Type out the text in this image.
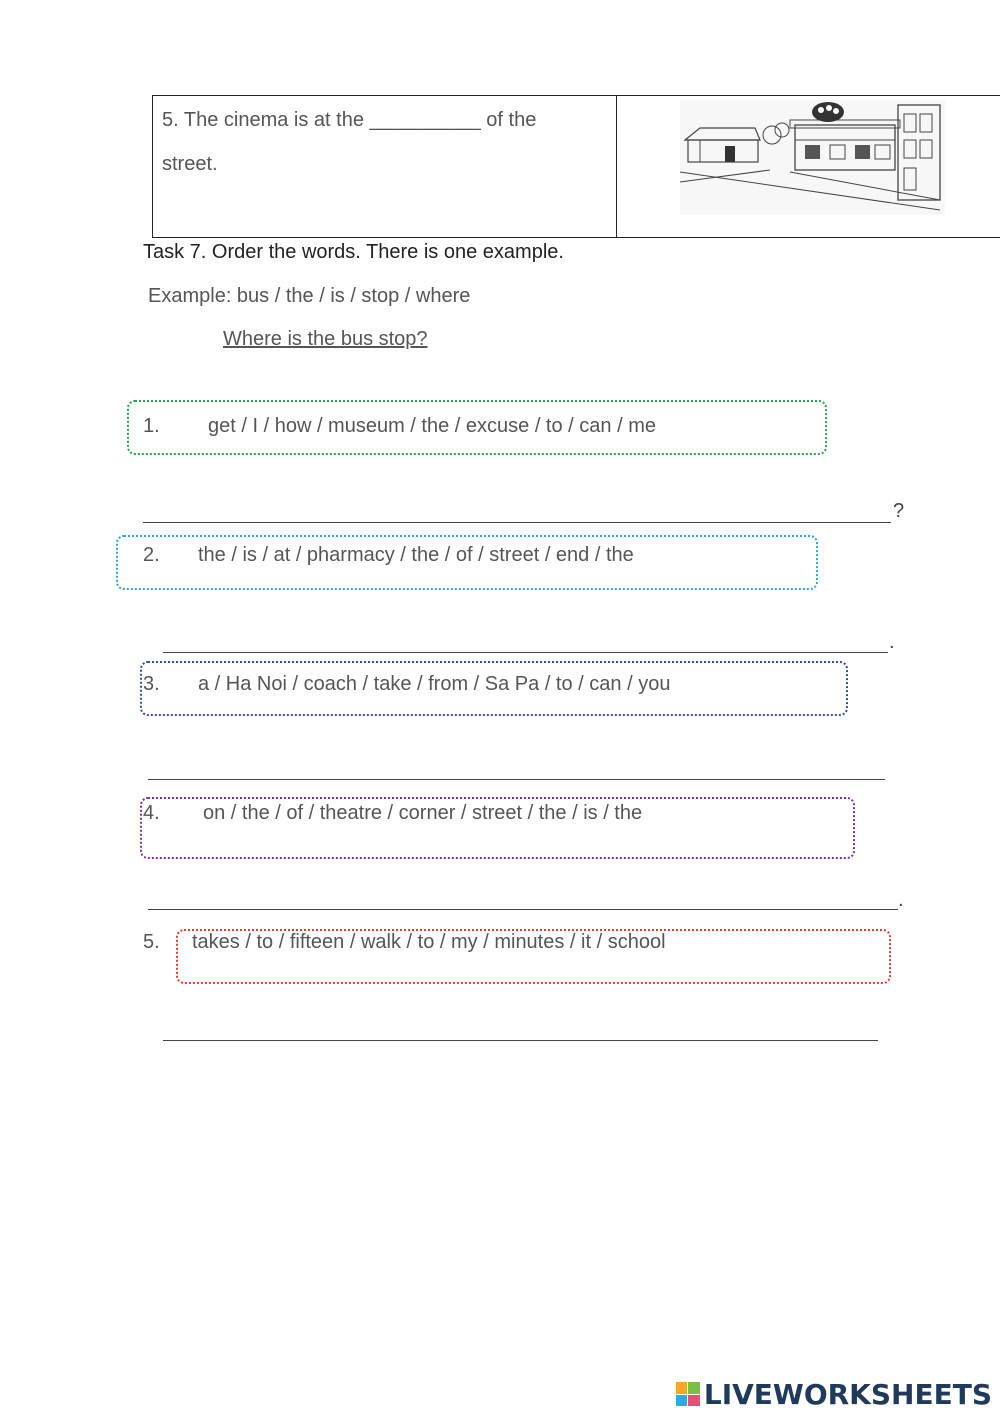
5. The cinema is at the __________ of the
street.
Task 7. Order the words. There is one example.
Example: bus / the / is / stop / where
Where is the bus stop?
1. get / I / how / museum / the / excuse / to / can / me
?
2. the / is / at / pharmacy / the / of / street / end / the
.
3. a / Ha Noi / coach / take / from / Sa Pa / to / can / you
4. on / the / of / theatre / corner / street / the / is / the
.
5. takes / to / fifteen / walk / to / my / minutes / it / school
LIVEWORKSHEETS
